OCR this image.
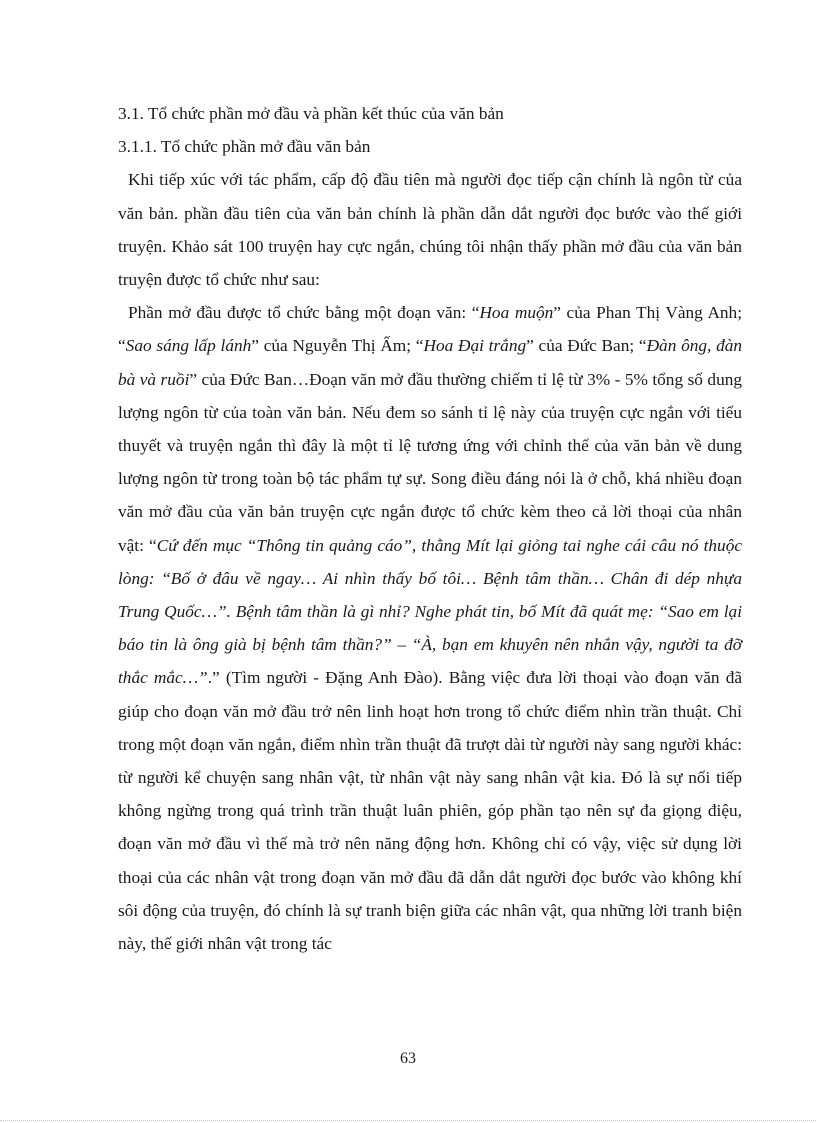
3.1. Tổ chức phần mở đầu và phần kết thúc của văn bản
3.1.1. Tổ chức phần mở đầu văn bản

Khi tiếp xúc với tác phẩm, cấp độ đầu tiên mà người đọc tiếp cận chính là ngôn từ của văn bản. phần đầu tiên của văn bản chính là phần dẫn dắt người đọc bước vào thế giới truyện. Khảo sát 100 truyện hay cực ngắn, chúng tôi nhận thấy phần mở đầu của văn bản truyện được tổ chức như sau:

Phần mở đầu được tổ chức bằng một đoạn văn: “Hoa muộn” của Phan Thị Vàng Anh; “Sao sáng lấp lánh” của Nguyễn Thị Ấm; “Hoa Đại trắng” của Đức Ban; “Đàn ông, đàn bà và ruồi” của Đức Ban…Đoạn văn mở đầu thường chiếm tỉ lệ từ 3% - 5% tổng số dung lượng ngôn từ của toàn văn bản. Nếu đem so sánh tỉ lệ này của truyện cực ngắn với tiểu thuyết và truyện ngắn thì đây là một tỉ lệ tương ứng với chỉnh thể của văn bản về dung lượng ngôn từ trong toàn bộ tác phẩm tự sự. Song điều đáng nói là ở chỗ, khá nhiều đoạn văn mở đầu của văn bản truyện cực ngắn được tổ chức kèm theo cả lời thoại của nhân vật: “Cứ đến mục “Thông tin quảng cáo”, thằng Mít lại giỏng tai nghe cái câu nó thuộc lòng: “Bố ở đâu về ngay… Ai nhìn thấy bố tôi… Bệnh tâm thần… Chân đi dép nhựa Trung Quốc…”. Bệnh tâm thần là gì nhỉ? Nghe phát tin, bố Mít đã quát mẹ: “Sao em lại báo tin là ông già bị bệnh tâm thần?” – “À, bạn em khuyên nên nhắn vậy, người ta đỡ thắc mắc…”.” (Tìm người - Đặng Anh Đào). Bằng việc đưa lời thoại vào đoạn văn đã giúp cho đoạn văn mở đầu trở nên linh hoạt hơn trong tổ chức điểm nhìn trần thuật. Chỉ trong một đoạn văn ngắn, điểm nhìn trần thuật đã trượt dài từ người này sang người khác: từ người kể chuyện sang nhân vật, từ nhân vật này sang nhân vật kia. Đó là sự nối tiếp không ngừng trong quá trình trần thuật luân phiên, góp phần tạo nên sự đa giọng điệu, đoạn văn mở đầu vì thế mà trở nên năng động hơn. Không chỉ có vậy, việc sử dụng lời thoại của các nhân vật trong đoạn văn mở đầu đã dẫn dắt người đọc bước vào không khí sôi động của truyện, đó chính là sự tranh biện giữa các nhân vật, qua những lời tranh biện này, thế giới nhân vật trong tác

63
